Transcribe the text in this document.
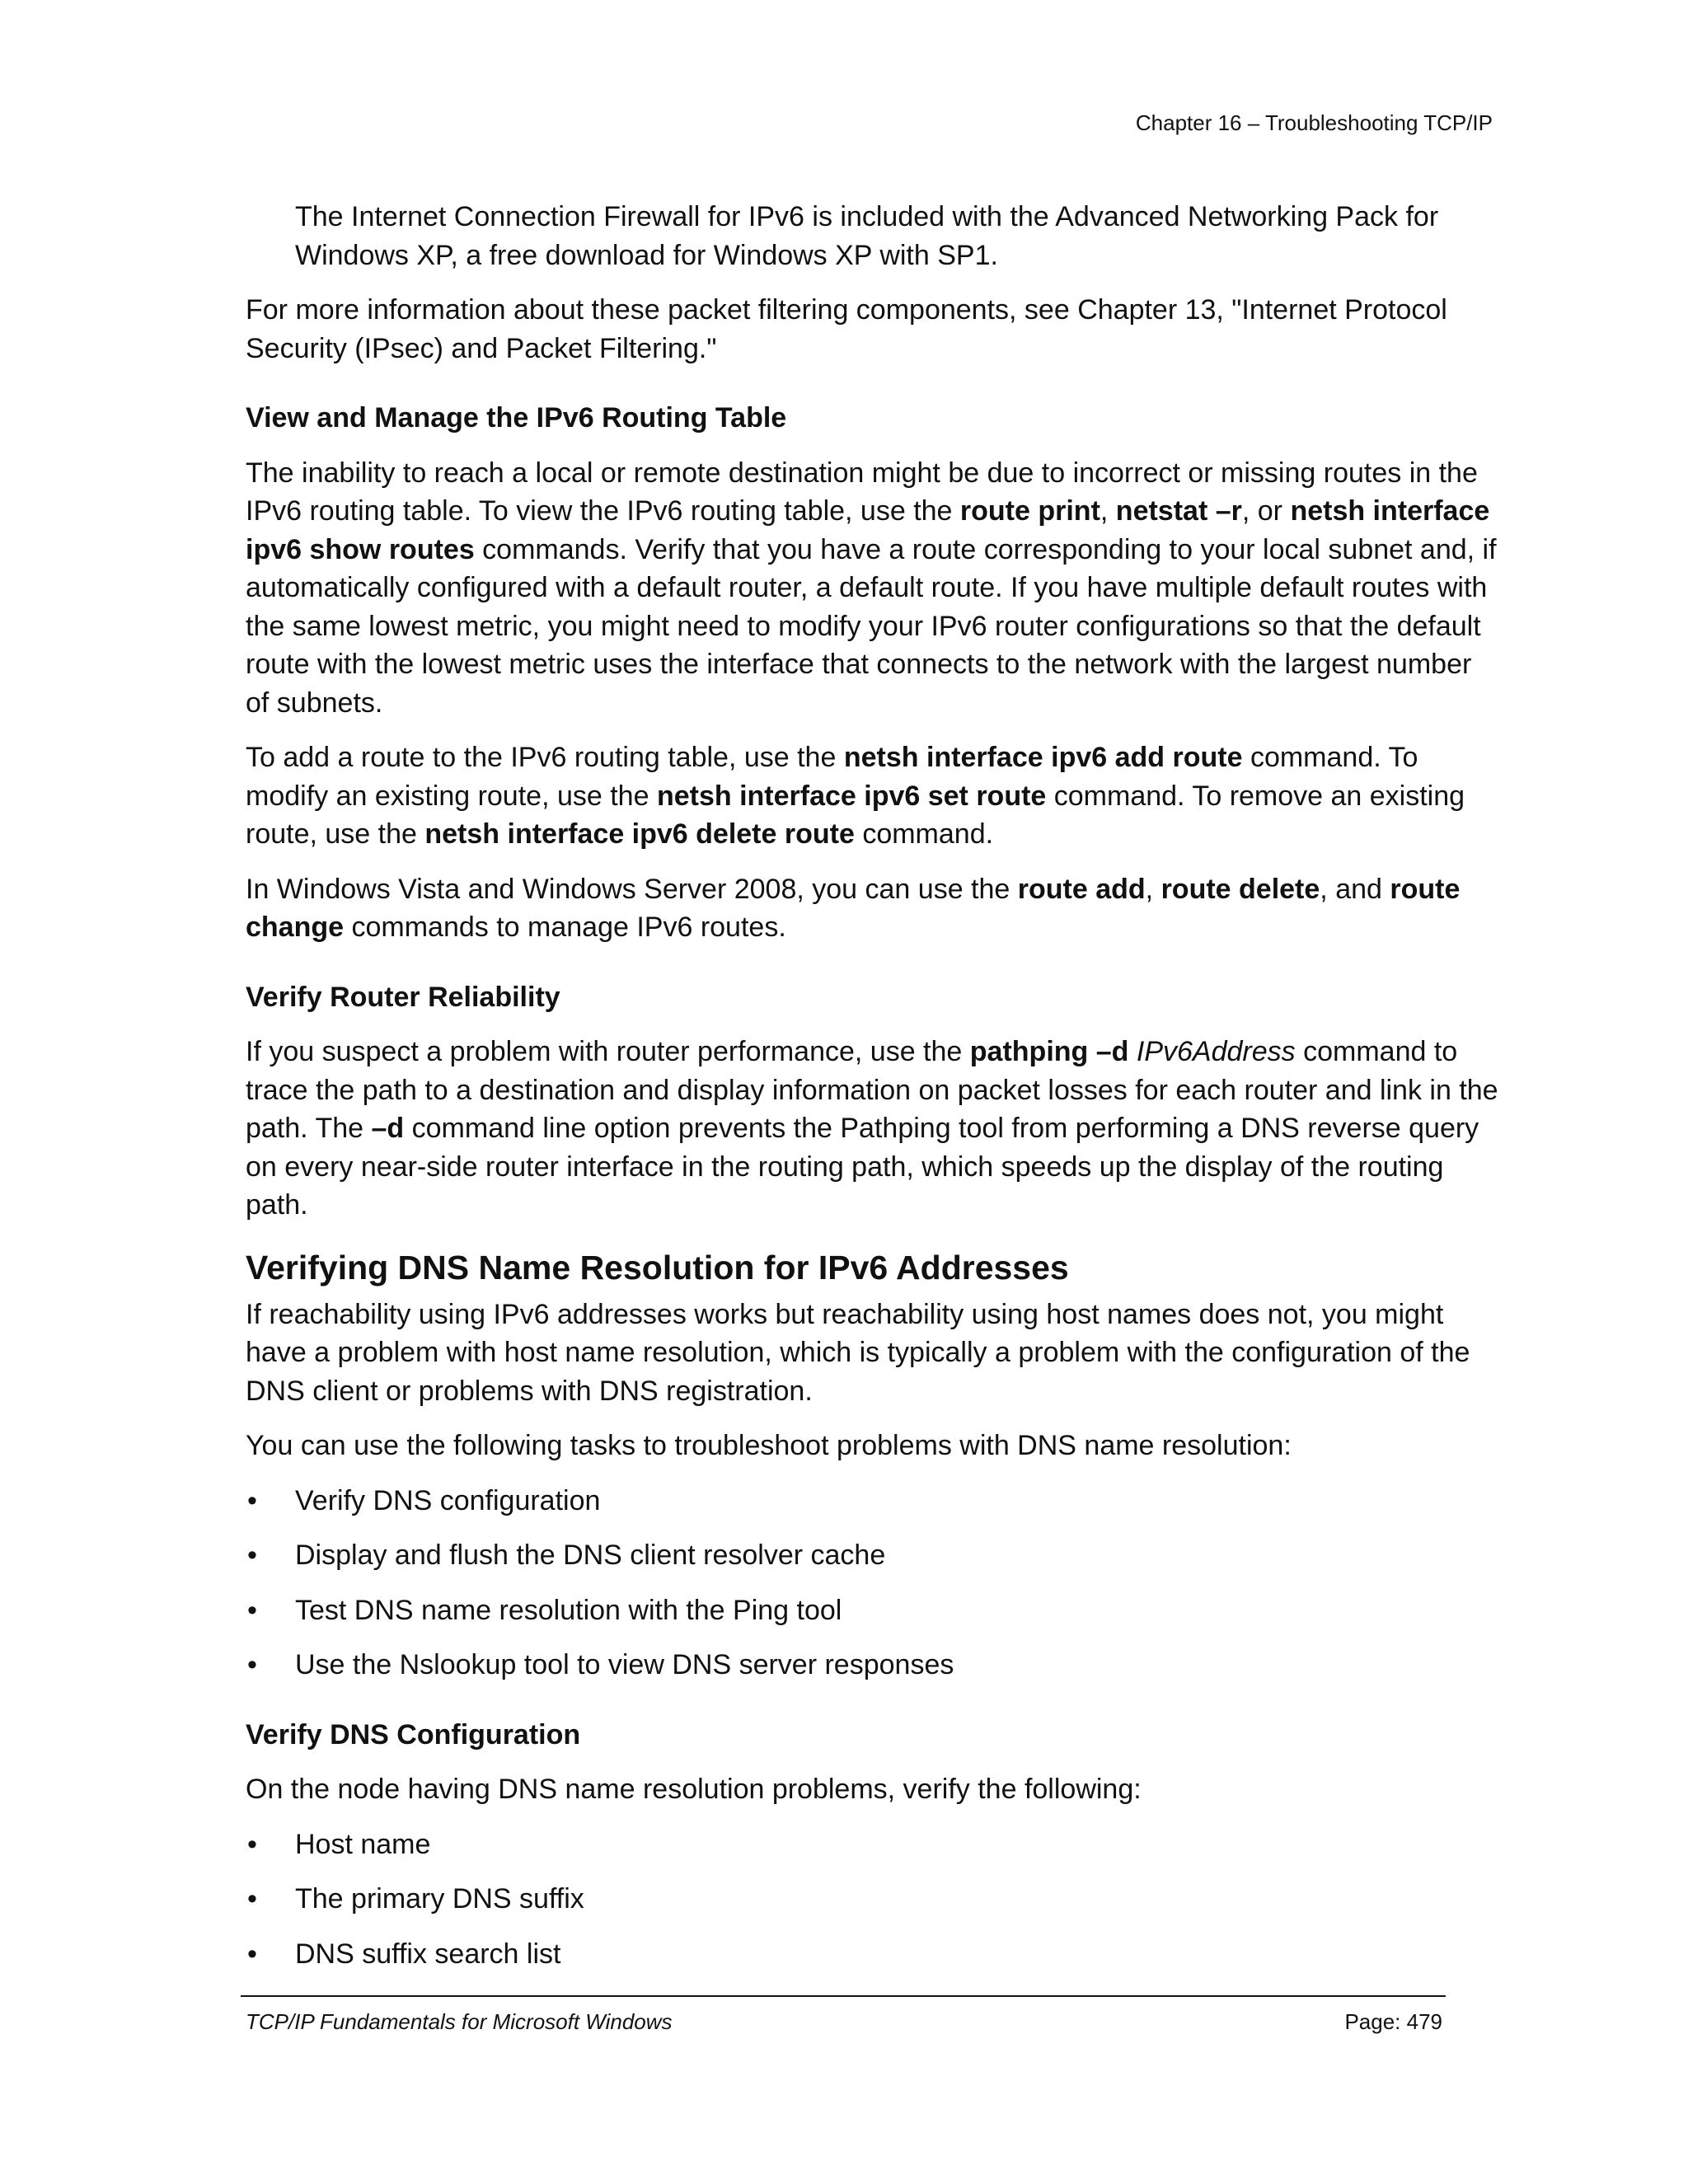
Chapter 16 – Troubleshooting TCP/IP

The Internet Connection Firewall for IPv6 is included with the Advanced Networking Pack for Windows XP, a free download for Windows XP with SP1.

For more information about these packet filtering components, see Chapter 13, "Internet Protocol Security (IPsec) and Packet Filtering."

View and Manage the IPv6 Routing Table

The inability to reach a local or remote destination might be due to incorrect or missing routes in the IPv6 routing table. To view the IPv6 routing table, use the route print, netstat –r, or netsh interface ipv6 show routes commands. Verify that you have a route corresponding to your local subnet and, if automatically configured with a default router, a default route. If you have multiple default routes with the same lowest metric, you might need to modify your IPv6 router configurations so that the default route with the lowest metric uses the interface that connects to the network with the largest number of subnets.

To add a route to the IPv6 routing table, use the netsh interface ipv6 add route command. To modify an existing route, use the netsh interface ipv6 set route command. To remove an existing route, use the netsh interface ipv6 delete route command.

In Windows Vista and Windows Server 2008, you can use the route add, route delete, and route change commands to manage IPv6 routes.

Verify Router Reliability

If you suspect a problem with router performance, use the pathping –d IPv6Address command to trace the path to a destination and display information on packet losses for each router and link in the path. The –d command line option prevents the Pathping tool from performing a DNS reverse query on every near-side router interface in the routing path, which speeds up the display of the routing path.

Verifying DNS Name Resolution for IPv6 Addresses

If reachability using IPv6 addresses works but reachability using host names does not, you might have a problem with host name resolution, which is typically a problem with the configuration of the DNS client or problems with DNS registration.

You can use the following tasks to troubleshoot problems with DNS name resolution:

• Verify DNS configuration
• Display and flush the DNS client resolver cache
• Test DNS name resolution with the Ping tool
• Use the Nslookup tool to view DNS server responses
Verify DNS Configuration

On the node having DNS name resolution problems, verify the following:

• Host name
• The primary DNS suffix
• DNS suffix search list
TCP/IP Fundamentals for Microsoft Windows	Page: 479
